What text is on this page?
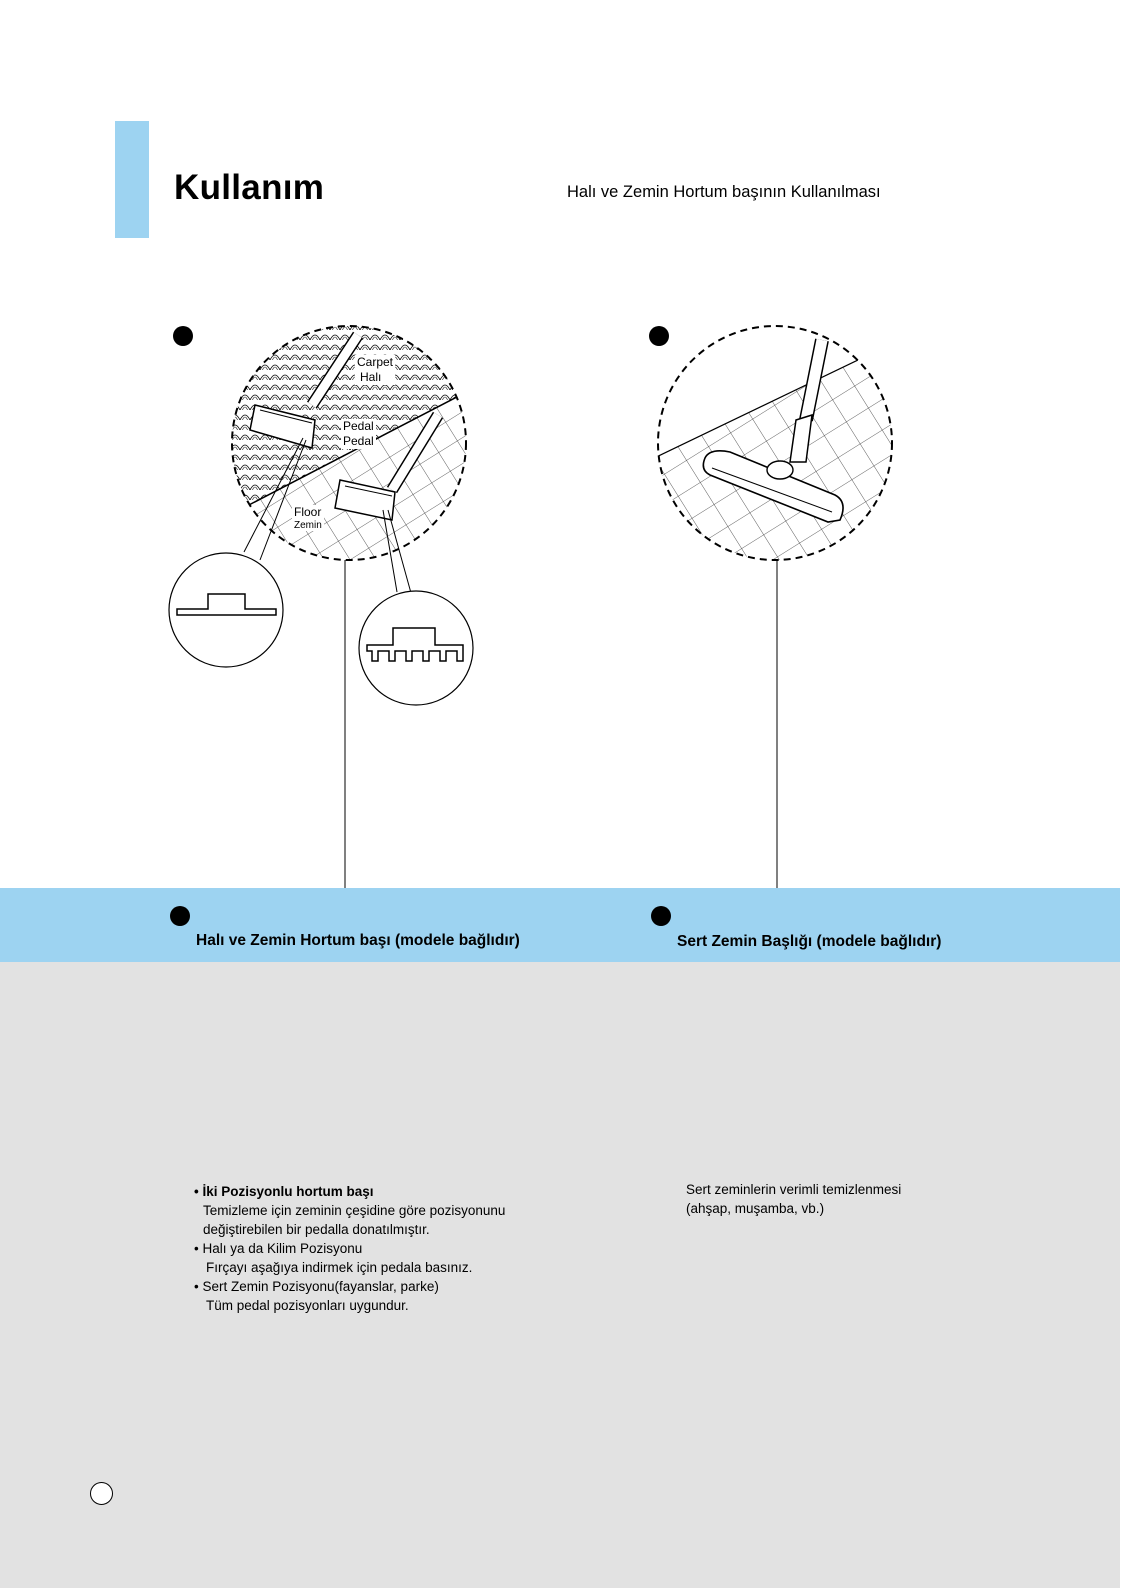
Kullanım	Halı ve Zemin Hortum başının Kullanılması
Carpet
Halı
Pedal
Pedal
Floor
Zemin
Halı ve Zemin Hortum başı (modele bağlıdır)	Sert Zemin Başlığı (modele bağlıdır)
• İki Pozisyonlu hortum başı
Temizleme için zeminin çeşidine göre pozisyonunu
değiştirebilen bir pedalla donatılmıştır.
• Halı ya da Kilim Pozisyonu
Fırçayı aşağıya indirmek için pedala basınız.
• Sert Zemin Pozisyonu(fayanslar, parke)
Tüm pedal pozisyonları uygundur.
Sert zeminlerin verimli temizlenmesi
(ahşap, muşamba, vb.)
